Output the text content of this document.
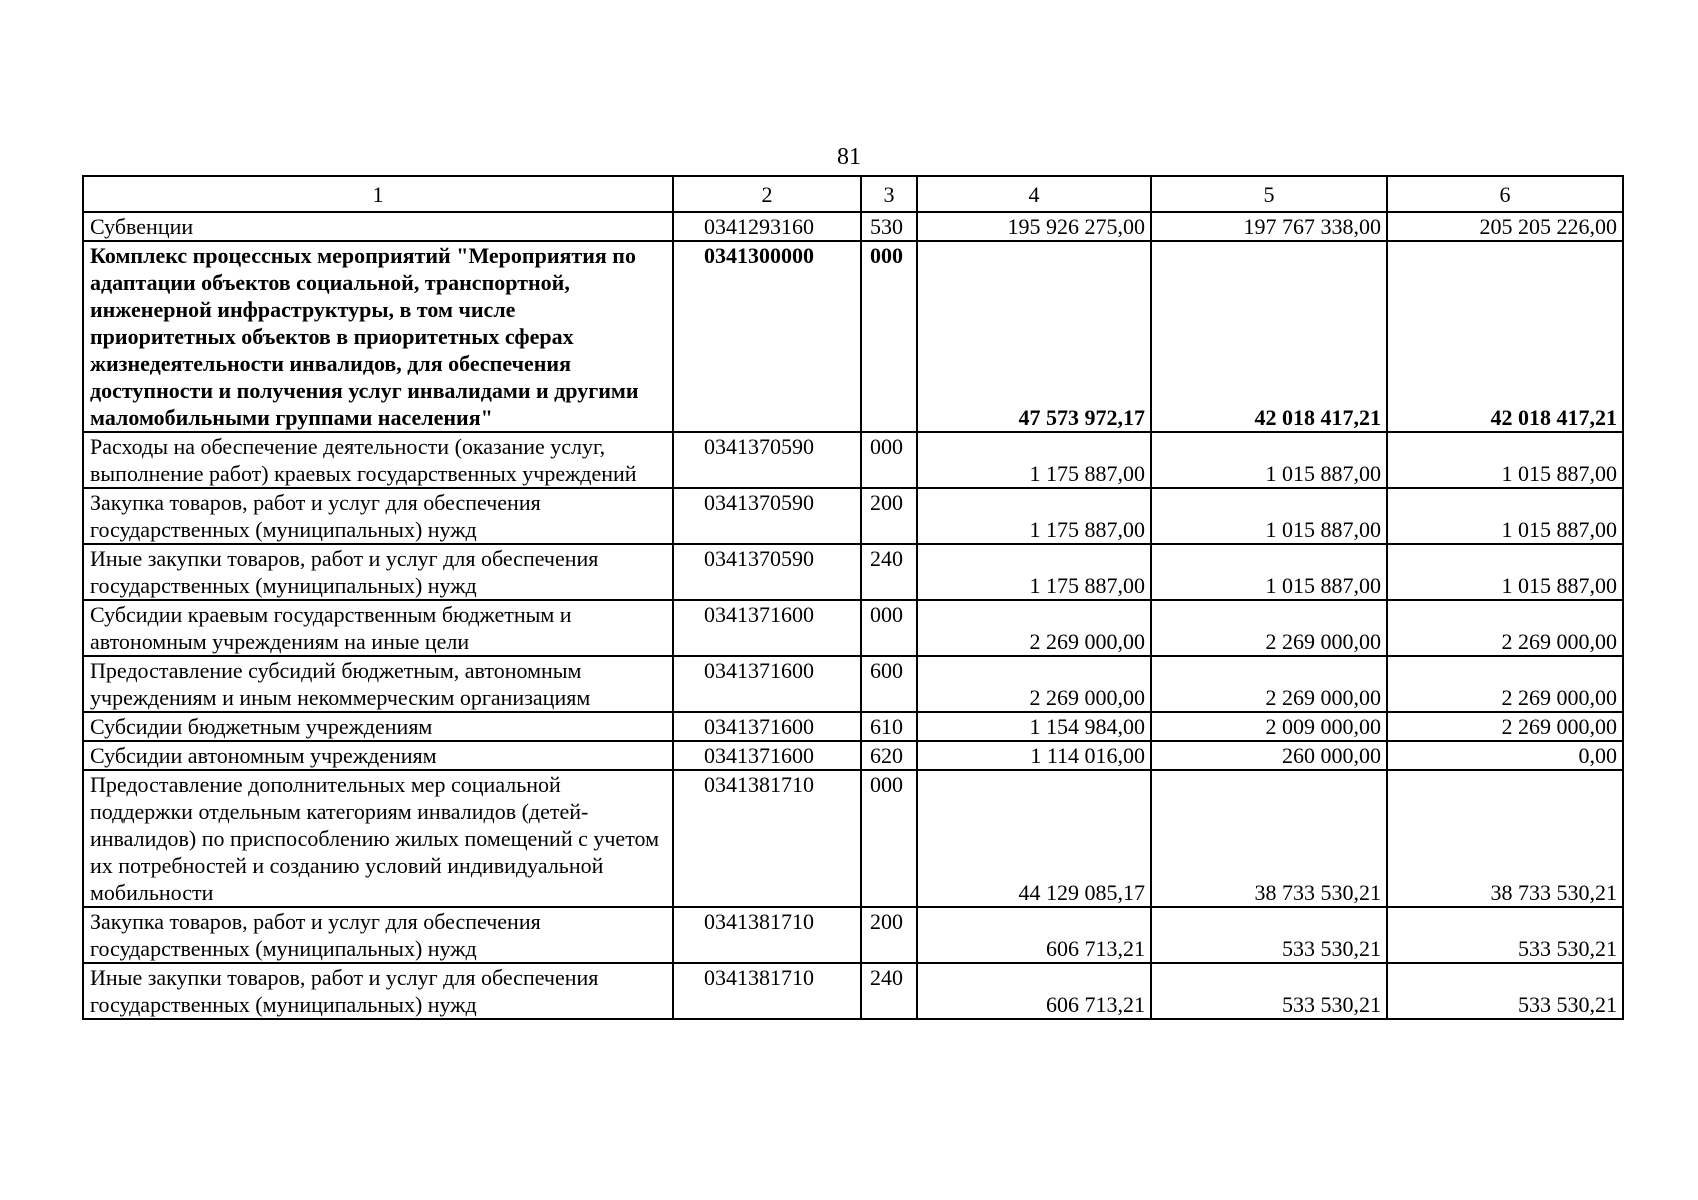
81
1	2	3	4	5	6
Субвенции	0341293160	530	195 926 275,00	197 767 338,00	205 205 226,00
Комплекс процессных мероприятий "Мероприятия по адаптации объектов социальной, транспортной, инженерной инфраструктуры, в том числе приоритетных объектов в приоритетных сферах жизнедеятельности инвалидов, для обеспечения доступности и получения услуг инвалидами и другими маломобильными группами населения"	0341300000	000	47 573 972,17	42 018 417,21	42 018 417,21
Расходы на обеспечение деятельности (оказание услуг, выполнение работ) краевых государственных учреждений	0341370590	000	1 175 887,00	1 015 887,00	1 015 887,00
Закупка товаров, работ и услуг для обеспечения государственных (муниципальных) нужд	0341370590	200	1 175 887,00	1 015 887,00	1 015 887,00
Иные закупки товаров, работ и услуг для обеспечения государственных (муниципальных) нужд	0341370590	240	1 175 887,00	1 015 887,00	1 015 887,00
Субсидии краевым государственным бюджетным и автономным учреждениям на иные цели	0341371600	000	2 269 000,00	2 269 000,00	2 269 000,00
Предоставление субсидий бюджетным, автономным учреждениям и иным некоммерческим организациям	0341371600	600	2 269 000,00	2 269 000,00	2 269 000,00
Субсидии бюджетным учреждениям	0341371600	610	1 154 984,00	2 009 000,00	2 269 000,00
Субсидии автономным учреждениям	0341371600	620	1 114 016,00	260 000,00	0,00
Предоставление дополнительных мер социальной поддержки отдельным категориям инвалидов (детей-инвалидов) по приспособлению жилых помещений с учетом их потребностей и созданию условий индивидуальной мобильности	0341381710	000	44 129 085,17	38 733 530,21	38 733 530,21
Закупка товаров, работ и услуг для обеспечения государственных (муниципальных) нужд	0341381710	200	606 713,21	533 530,21	533 530,21
Иные закупки товаров, работ и услуг для обеспечения государственных (муниципальных) нужд	0341381710	240	606 713,21	533 530,21	533 530,21
